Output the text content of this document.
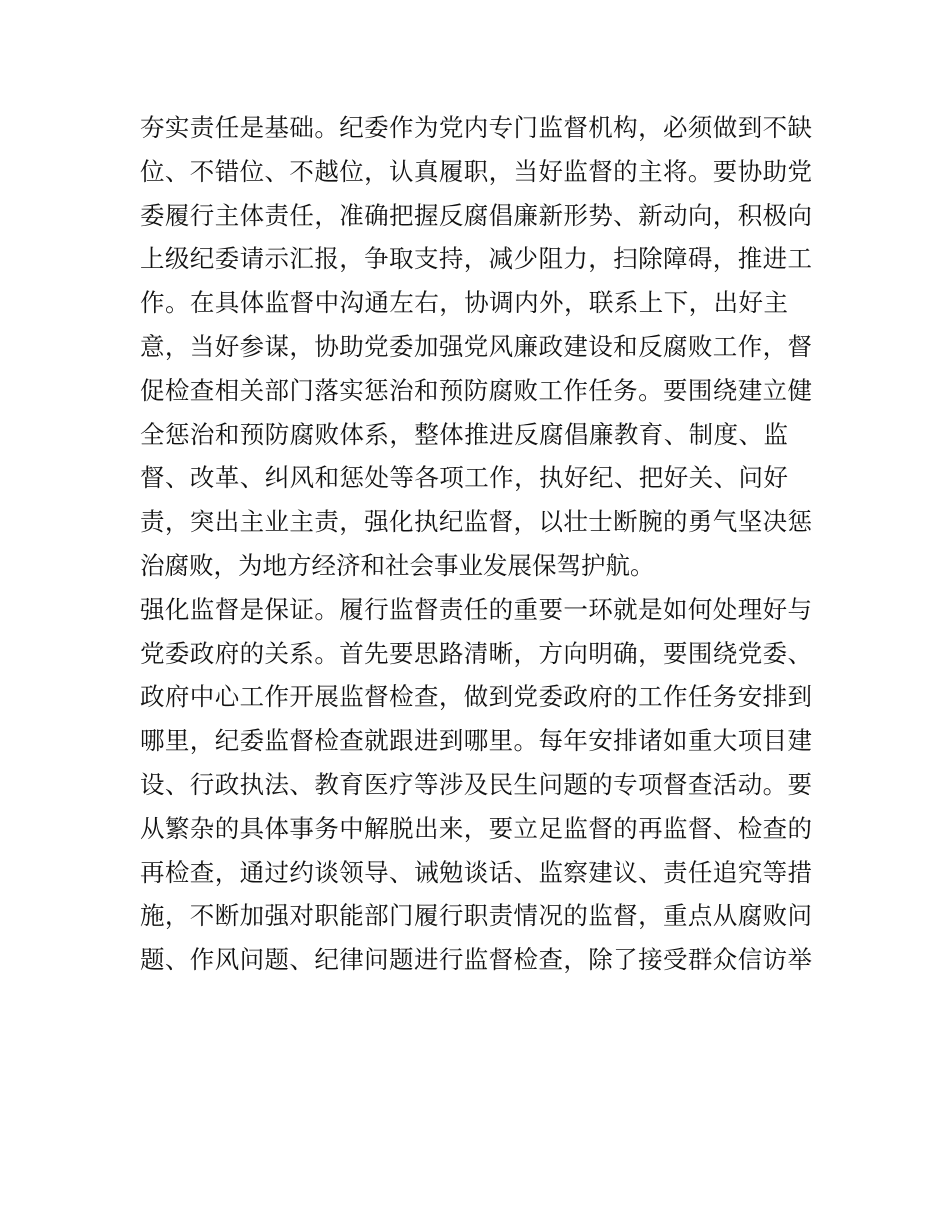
夯实责任是基础。纪委作为党内专门监督机构，必须做到不缺
位、不错位、不越位，认真履职，当好监督的主将。要协助党
委履行主体责任，准确把握反腐倡廉新形势、新动向，积极向
上级纪委请示汇报，争取支持，减少阻力，扫除障碍，推进工
作。在具体监督中沟通左右，协调内外，联系上下，出好主
意，当好参谋，协助党委加强党风廉政建设和反腐败工作，督
促检查相关部门落实惩治和预防腐败工作任务。要围绕建立健
全惩治和预防腐败体系，整体推进反腐倡廉教育、制度、监
督、改革、纠风和惩处等各项工作，执好纪、把好关、问好
责，突出主业主责，强化执纪监督，以壮士断腕的勇气坚决惩
治腐败，为地方经济和社会事业发展保驾护航。
强化监督是保证。履行监督责任的重要一环就是如何处理好与
党委政府的关系。首先要思路清晰，方向明确，要围绕党委、
政府中心工作开展监督检查，做到党委政府的工作任务安排到
哪里，纪委监督检查就跟进到哪里。每年安排诸如重大项目建
设、行政执法、教育医疗等涉及民生问题的专项督查活动。要
从繁杂的具体事务中解脱出来，要立足监督的再监督、检查的
再检查，通过约谈领导、诫勉谈话、监察建议、责任追究等措
施，不断加强对职能部门履行职责情况的监督，重点从腐败问
题、作风问题、纪律问题进行监督检查，除了接受群众信访举
